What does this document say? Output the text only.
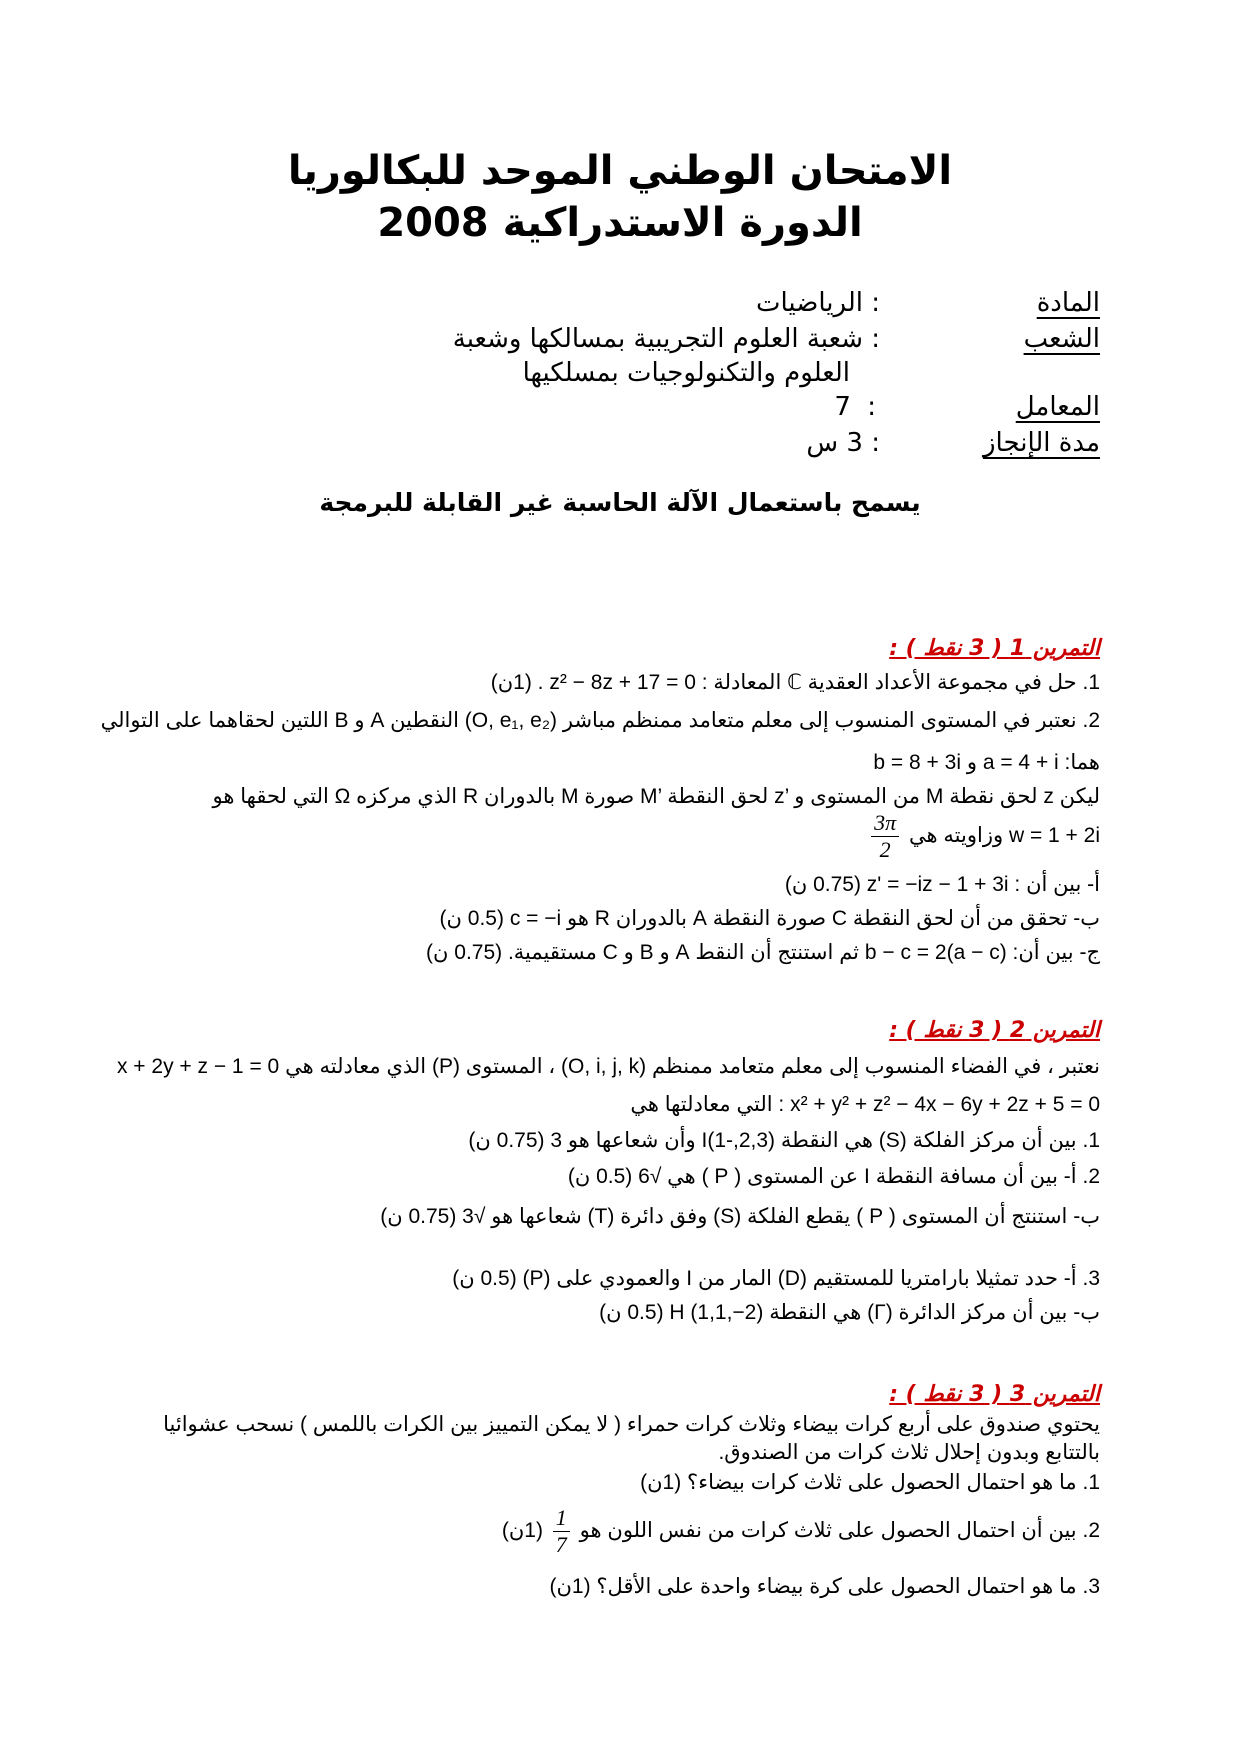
الامتحان الوطني الموحد للبكالوريا
الدورة الاستدراكية 2008
المادة
: الرياضيات
الشعب
: شعبة العلوم التجريبية بمسالكها وشعبة
العلوم والتكنولوجيات بمسلكيها
المعامل
: 7
مدة الإنجاز
: 3 س
يسمح باستعمال الآلة الحاسبة غير القابلة للبرمجة
التمرين 1 ( 3 نقط ) :
1. حل في مجموعة الأعداد العقدية ℂ المعادلة : z² − 8z + 17 = 0 . (1ن)
2. نعتبر في المستوى المنسوب إلى معلم متعامد ممنظم مباشر (O, e₁, e₂) النقطين A و B اللتين لحقاهما على التوالي
هما: a = 4 + i و b = 8 + 3i
ليكن z لحق نقطة M من المستوى و ’z لحق النقطة ’M صورة M بالدوران R الذي مركزه Ω التي لحقها هو
w = 1 + 2i وزاويته هي
$\frac{3\pi}{2}$
أ- بين أن : z' = −iz − 1 + 3i (0.75 ن)
ب- تحقق من أن لحق النقطة C صورة النقطة A بالدوران R هو c = −i (0.5 ن)
ج- بين أن: b − c = 2(a − c) ثم استنتج أن النقط A و B و C مستقيمية. (0.75 ن)
التمرين 2 ( 3 نقط ) :
نعتبر ، في الفضاء المنسوب إلى معلم متعامد ممنظم (O, i, j, k) ، المستوى (P) الذي معادلته هي x + 2y + z − 1 = 0
x² + y² + z² − 4x − 6y + 2z + 5 = 0 : التي معادلتها هي
1. بين أن مركز الفلكة (S) هي النقطة (2,3,-1)I وأن شعاعها هو 3 (0.75 ن)
2. أ- بين أن مسافة النقطة I عن المستوى ( P ) هي √6 (0.5 ن)
ب- استنتج أن المستوى ( P ) يقطع الفلكة (S) وفق دائرة (T) شعاعها هو √3 (0.75 ن)
3. أ- حدد تمثيلا بارامتريا للمستقيم (D) المار من I والعمودي على (P) (0.5 ن)
ب- بين أن مركز الدائرة (Γ) هي النقطة H (1,1,−2) (0.5 ن)
التمرين 3 ( 3 نقط ) :
يحتوي صندوق على أربع كرات بيضاء وثلاث كرات حمراء ( لا يمكن التمييز بين الكرات باللمس ) نسحب عشوائيا
بالتتابع وبدون إحلال ثلاث كرات من الصندوق.
1. ما هو احتمال الحصول على ثلاث كرات بيضاء؟ (1ن)
2. بين أن احتمال الحصول على ثلاث كرات من نفس اللون هو
$\frac{1}{7}$
(1ن)
3. ما هو احتمال الحصول على كرة بيضاء واحدة على الأقل؟ (1ن)
